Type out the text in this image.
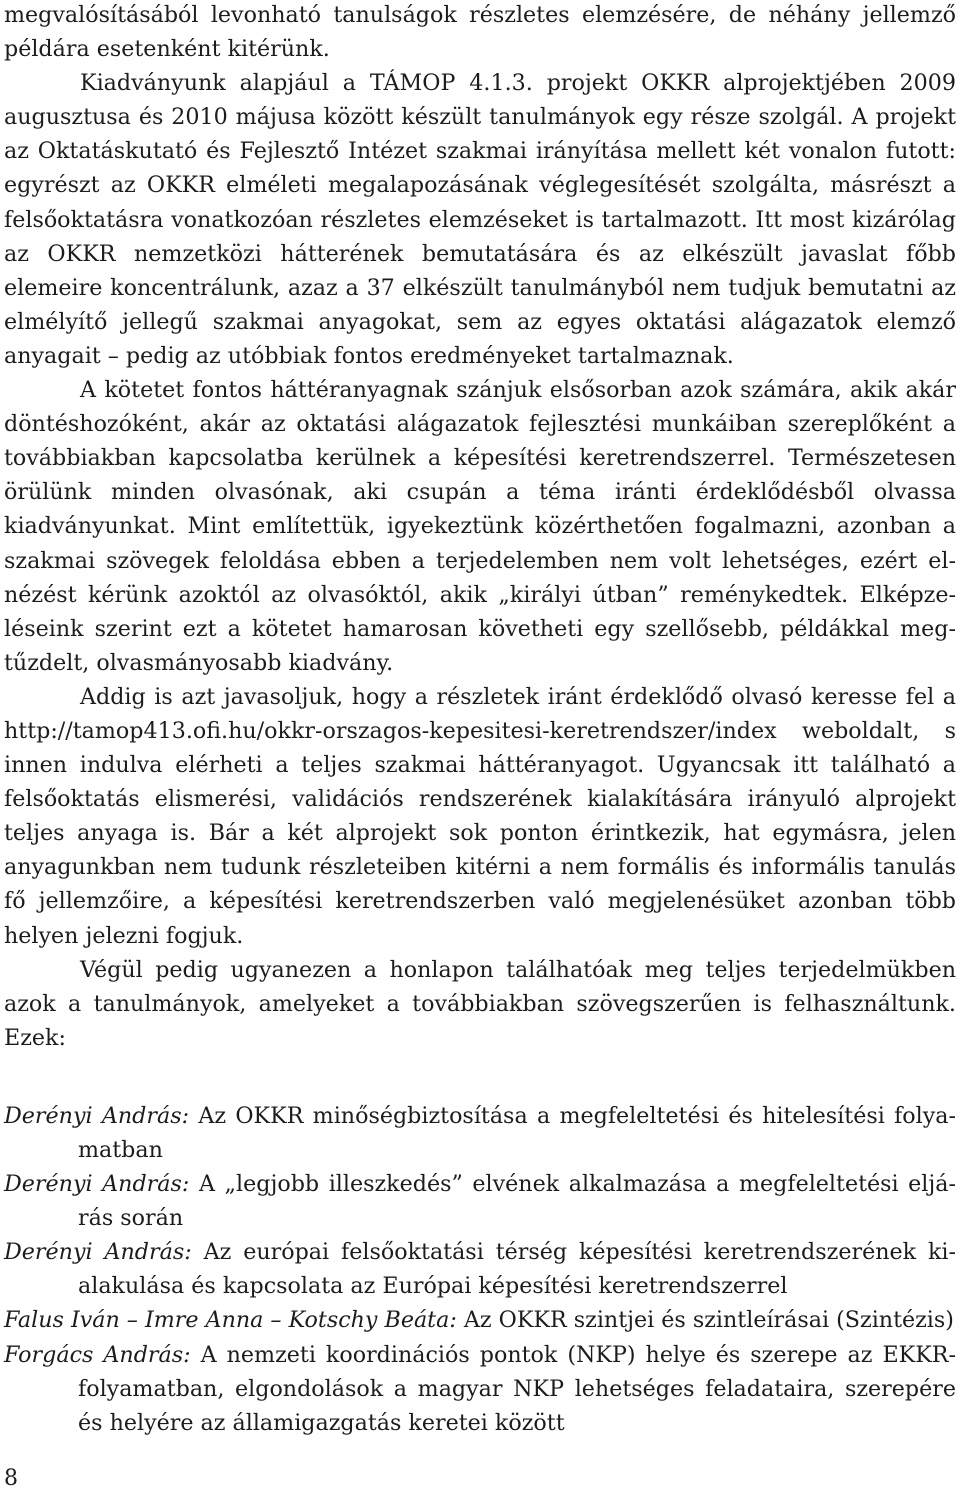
megvalósításából levonható tanulságok részletes elemzésére, de néhány jellemző példára esetenként kitérünk.

Kiadványunk alapjául a TÁMOP 4.1.3. projekt OKKR alprojektjében 2009 augusztusa és 2010 májusa között készült tanulmányok egy része szolgál. A projekt az Oktatáskutató és Fejlesztő Intézet szakmai irányítása mellett két vonalon futott: egyrészt az OKKR elméleti megalapozásának véglegesítését szolgálta, másrészt a felsőoktatásra vonatkozóan részletes elemzéseket is tartalmazott. Itt most kizárólag az OKKR nemzetközi hátterének bemutatására és az elkészült javaslat főbb elemeire koncentrálunk, azaz a 37 elkészült tanulmányból nem tudjuk bemutatni az elmélyítő jellegű szakmai anyagokat, sem az egyes oktatási alágazatok elemző anyagait – pedig az utóbbiak fontos eredményeket tartalmaznak.

A kötetet fontos háttéranyagnak szánjuk elsősorban azok számára, akik akár döntéshozóként, akár az oktatási alágazatok fejlesztési munkáiban szereplőként a továbbiakban kapcsolatba kerülnek a képesítési keretrendszerrel. Természetesen örülünk minden olvasónak, aki csupán a téma iránti érdeklődésből olvassa kiadványunkat. Mint említettük, igyekeztünk közérthetően fogalmazni, azonban a szakmai szövegek feloldása ebben a terjedelemben nem volt lehetséges, ezért elnézést kérünk azoktól az olvasóktól, akik „királyi útban” reménykedtek. Elképzeléseink szerint ezt a kötetet hamarosan követheti egy szellősebb, példákkal megtűzdelt, olvasmányosabb kiadvány.

Addig is azt javasoljuk, hogy a részletek iránt érdeklődő olvasó keresse fel a http://tamop413.ofi.hu/okkr-orszagos-kepesitesi-keretrendszer/index weboldalt, s innen indulva elérheti a teljes szakmai háttéranyagot. Ugyancsak itt található a felsőoktatás elismerési, validációs rendszerének kialakítására irányuló alprojekt teljes anyaga is. Bár a két alprojekt sok ponton érintkezik, hat egymásra, jelen anyagunkban nem tudunk részleteiben kitérni a nem formális és informális tanulás fő jellemzőire, a képesítési keretrendszerben való megjelenésüket azonban több helyen jelezni fogjuk.

Végül pedig ugyanezen a honlapon találhatóak meg teljes terjedelmükben azok a tanulmányok, amelyeket a továbbiakban szövegszerűen is felhasználtunk. Ezek:

Derényi András: Az OKKR minőségbiztosítása a megfeleltetési és hitelesítési folyamatban

Derényi András: A „legjobb illeszkedés” elvének alkalmazása a megfeleltetési eljárás során

Derényi András: Az európai felsőoktatási térség képesítési keretrendszerének kialakulása és kapcsolata az Európai képesítési keretrendszerrel

Falus Iván – Imre Anna – Kotschy Beáta: Az OKKR szintjei és szintleírásai (Szintézis)

Forgács András: A nemzeti koordinációs pontok (NKP) helye és szerepe az EKKR-folyamatban, elgondolások a magyar NKP lehetséges feladataira, szerepére és helyére az államigazgatás keretei között

8
